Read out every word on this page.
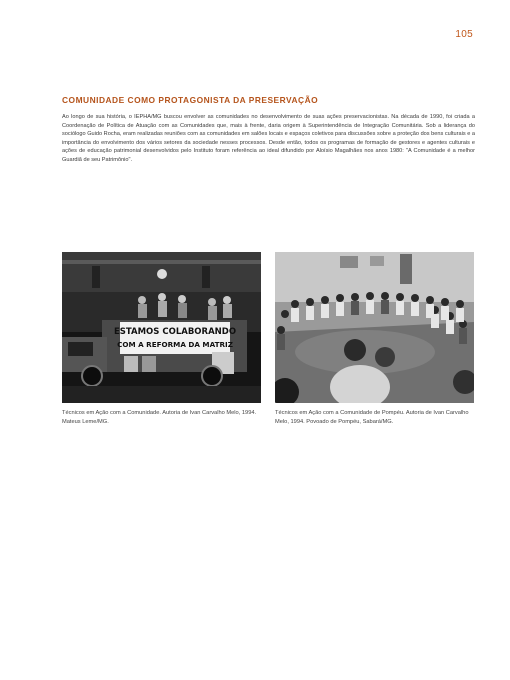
105
COMUNIDADE COMO PROTAGONISTA DA PRESERVAÇÃO

Ao longo de sua história, o IEPHA/MG buscou envolver as comunidades no desenvolvimento de suas ações preservacionistas. Na década de 1990, foi criada a Coordenação de Política de Atuação com as Comunidades que, mais à frente, daria origem à Superintendência de Integração Comunitária. Sob a liderança do sociólogo Guido Rocha, eram realizadas reuniões com as comunidades em salões locais e espaços coletivos para discussões sobre a proteção dos bens culturais e a importância do envolvimento dos vários setores da sociedade nesses processos. Desde então, todos os programas de formação de gestores e agentes culturais e ações de educação patrimonial desenvolvidos pelo Instituto foram referência ao ideal difundido por Aloísio Magalhães nos anos 1980: "A Comunidade é a melhor Guardiã de seu Patrimônio".

ESTAMOS COLABORANDO
COM A REFORMA DA MATRIZ

Técnicos em Ação com a Comunidade. Autoria de Ivan Carvalho Melo, 1994. Mateus Leme/MG.

Técnicos em Ação com a Comunidade de Pompéu. Autoria de Ivan Carvalho Melo, 1994. Povoado de Pompéu, Sabará/MG.
